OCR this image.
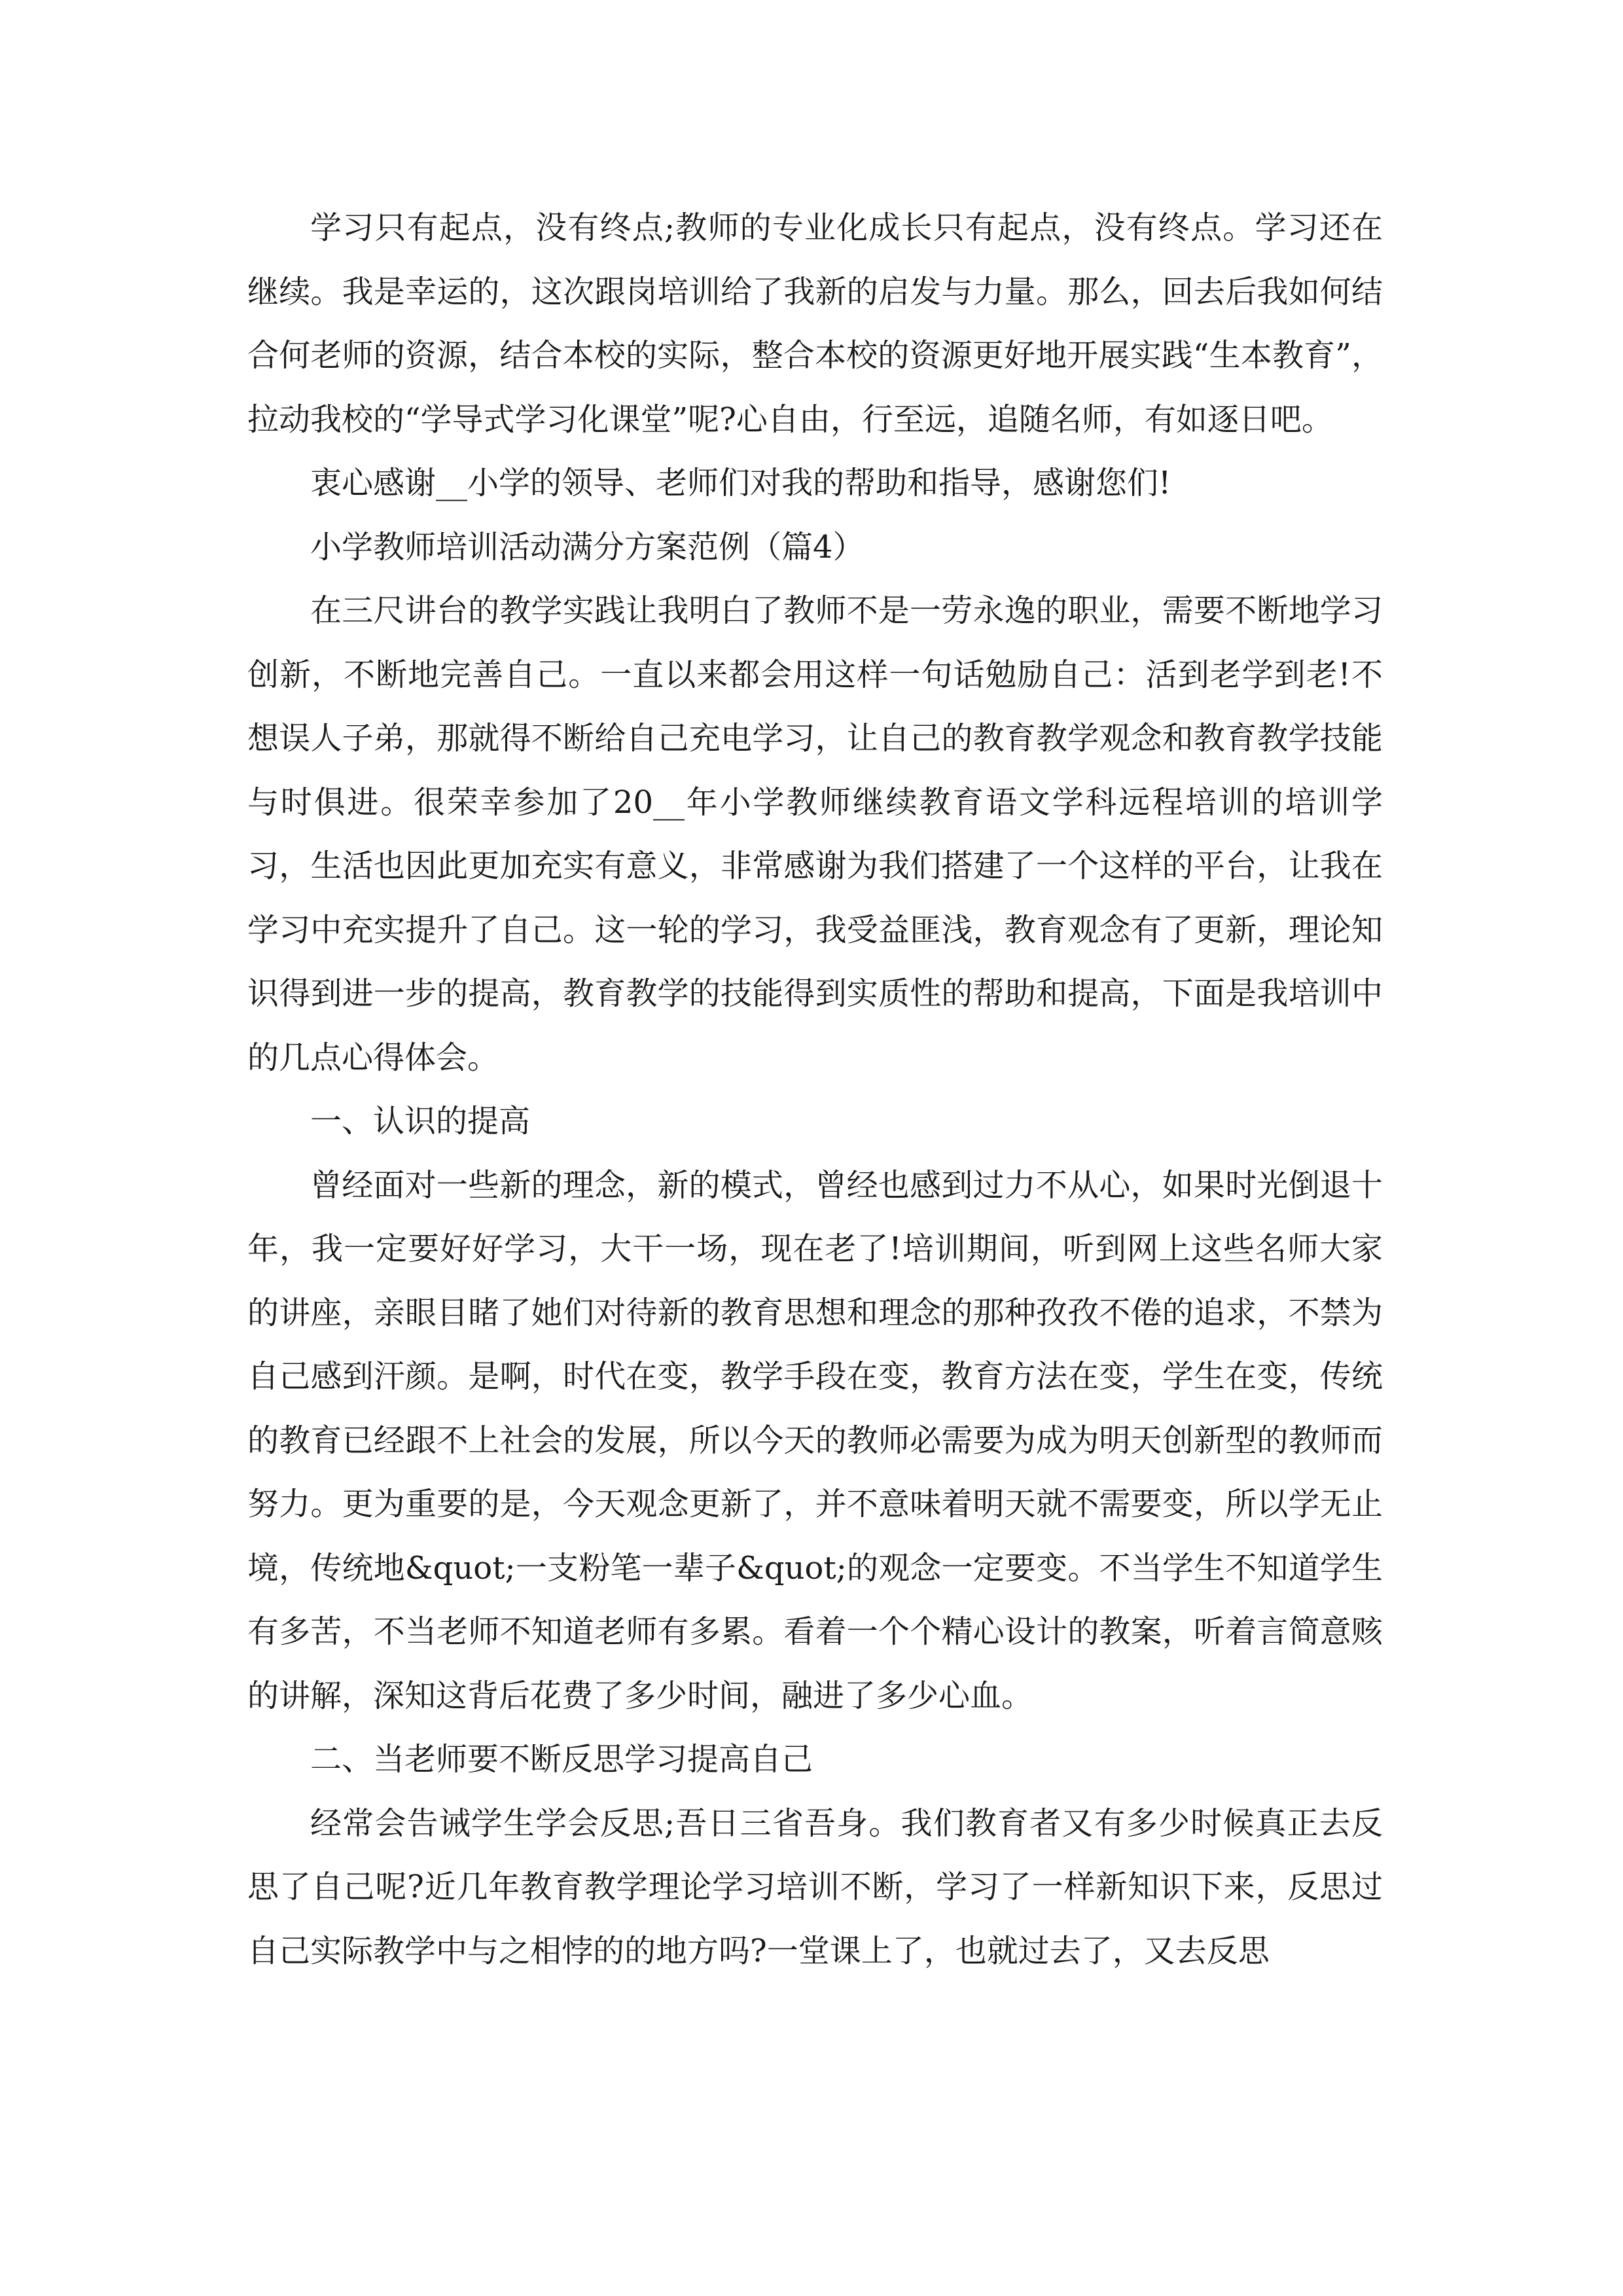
学习只有起点，没有终点;教师的专业化成长只有起点，没有终点。学习还在继续。我是幸运的，这次跟岗培训给了我新的启发与力量。那么，回去后我如何结合何老师的资源，结合本校的实际，整合本校的资源更好地开展实践“生本教育”，拉动我校的“学导式学习化课堂”呢?心自由，行至远，追随名师，有如逐日吧。

衷心感谢__小学的领导、老师们对我的帮助和指导，感谢您们!

小学教师培训活动满分方案范例（篇4）

在三尺讲台的教学实践让我明白了教师不是一劳永逸的职业，需要不断地学习创新，不断地完善自己。一直以来都会用这样一句话勉励自己：活到老学到老!不想误人子弟，那就得不断给自己充电学习，让自己的教育教学观念和教育教学技能与时俱进。很荣幸参加了20__年小学教师继续教育语文学科远程培训的培训学习，生活也因此更加充实有意义，非常感谢为我们搭建了一个这样的平台，让我在学习中充实提升了自己。这一轮的学习，我受益匪浅，教育观念有了更新，理论知识得到进一步的提高，教育教学的技能得到实质性的帮助和提高，下面是我培训中的几点心得体会。

一、认识的提高

曾经面对一些新的理念，新的模式，曾经也感到过力不从心，如果时光倒退十年，我一定要好好学习，大干一场，现在老了!培训期间，听到网上这些名师大家的讲座，亲眼目睹了她们对待新的教育思想和理念的那种孜孜不倦的追求，不禁为自己感到汗颜。是啊，时代在变，教学手段在变，教育方法在变，学生在变，传统的教育已经跟不上社会的发展，所以今天的教师必需要为成为明天创新型的教师而努力。更为重要的是，今天观念更新了，并不意味着明天就不需要变，所以学无止境，传统地&quot;一支粉笔一辈子&quot;的观念一定要变。不当学生不知道学生有多苦，不当老师不知道老师有多累。看着一个个精心设计的教案，听着言简意赅的讲解，深知这背后花费了多少时间，融进了多少心血。

二、当老师要不断反思学习提高自己

经常会告诫学生学会反思;吾日三省吾身。我们教育者又有多少时候真正去反思了自己呢?近几年教育教学理论学习培训不断，学习了一样新知识下来，反思过自己实际教学中与之相悖的的地方吗?一堂课上了，也就过去了，又去反思
